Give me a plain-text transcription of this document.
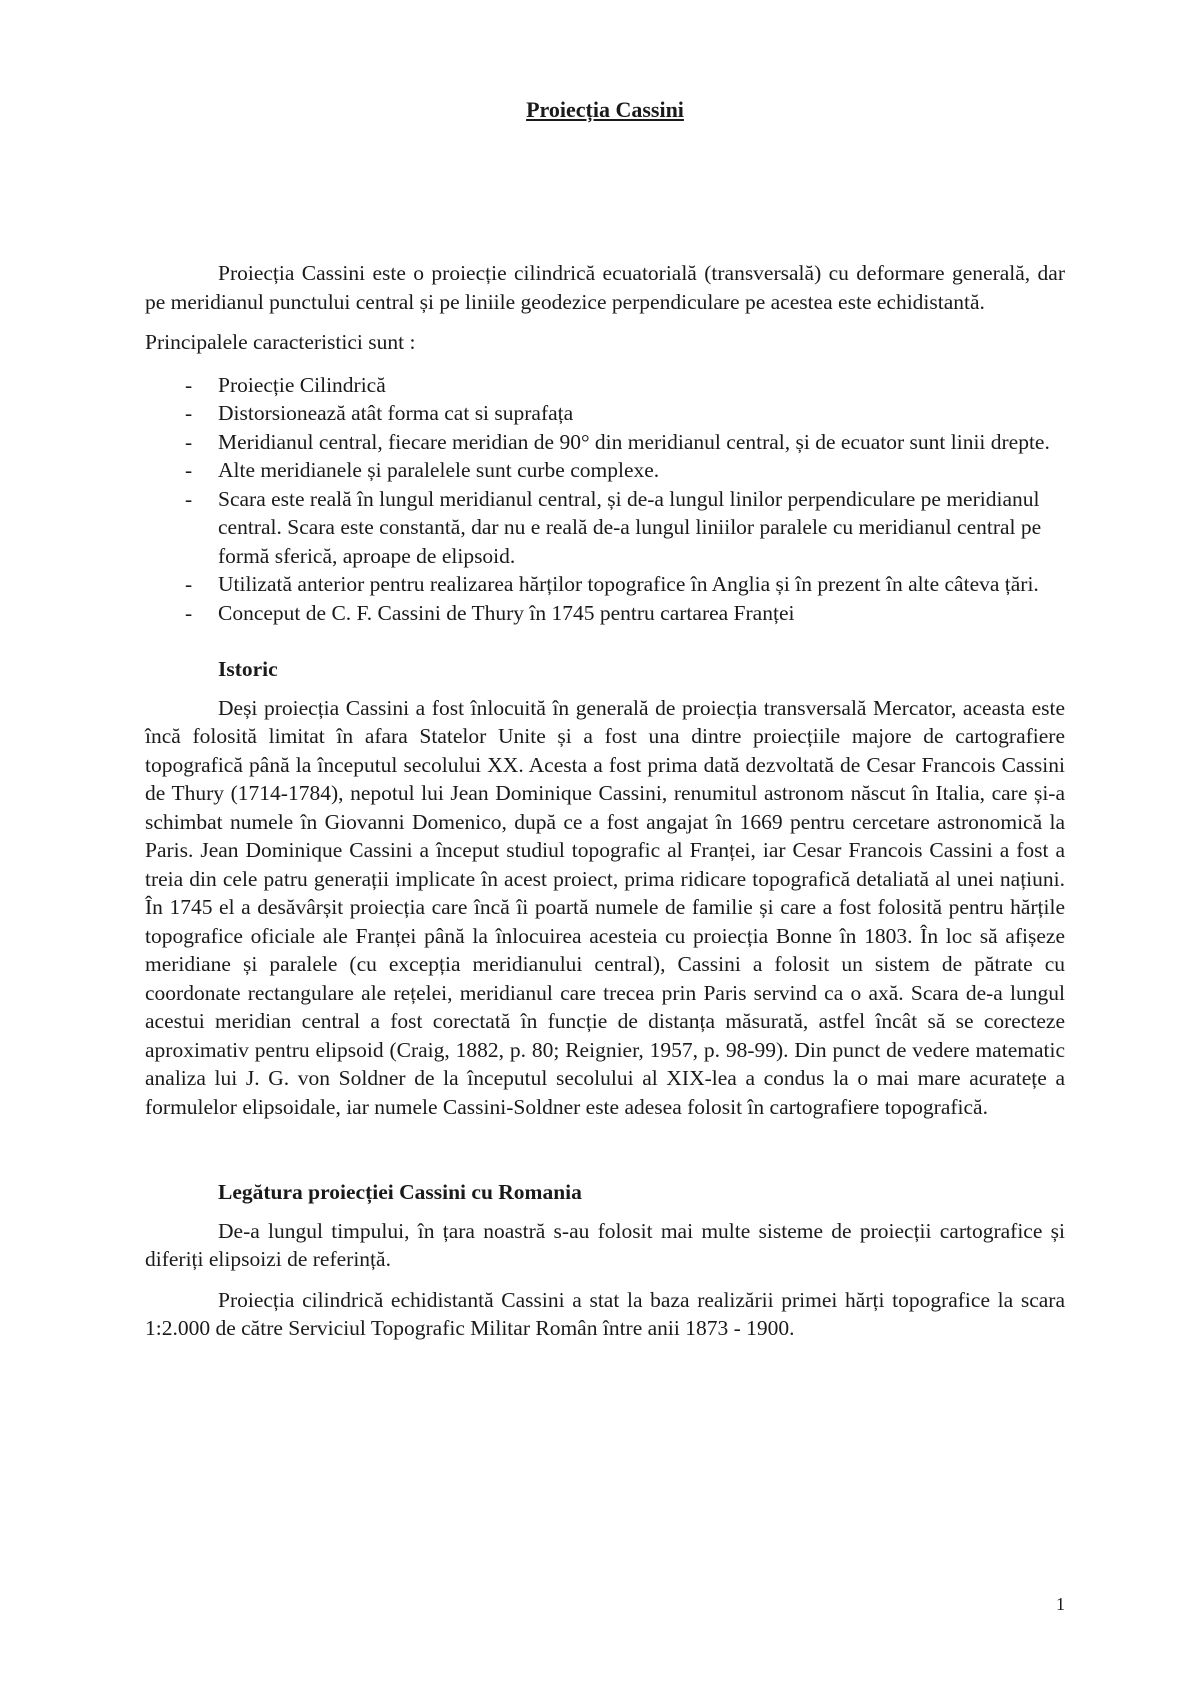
Proiecția Cassini

Proiecția Cassini este o proiecție cilindrică ecuatorială (transversală) cu deformare generală, dar pe meridianul punctului central și pe liniile geodezice perpendiculare pe acestea este echidistantă.

Principalele caracteristici sunt :

- Proiecție Cilindrică
- Distorsionează atât forma cat si suprafața
- Meridianul central, fiecare meridian de 90° din meridianul central, și de ecuator sunt linii drepte.
- Alte meridianele și paralelele sunt curbe complexe.
- Scara este reală în lungul meridianul central, și de-a lungul linilor perpendiculare pe meridianul central. Scara este constantă, dar nu e reală de-a lungul liniilor paralele cu meridianul central pe formă sferică, aproape de elipsoid.
- Utilizată anterior pentru realizarea hărților topografice în Anglia și în prezent în alte câteva țări.
- Conceput de C. F. Cassini de Thury în 1745 pentru cartarea Franței

Istoric

Deși proiecția Cassini a fost înlocuită în generală de proiecția transversală Mercator, aceasta este încă folosită limitat în afara Statelor Unite și a fost una dintre proiecțiile majore de cartografiere topografică până la începutul secolului XX. Acesta a fost prima dată dezvoltată de Cesar Francois Cassini de Thury (1714-1784), nepotul lui Jean Dominique Cassini, renumitul astronom născut în Italia, care și-a schimbat numele în Giovanni Domenico, după ce a fost angajat în 1669 pentru cercetare astronomică la Paris. Jean Dominique Cassini a început studiul topografic al Franței, iar Cesar Francois Cassini a fost a treia din cele patru generații implicate în acest proiect, prima ridicare topografică detaliată al unei națiuni. În 1745 el a desăvârșit proiecția care încă îi poartă numele de familie și care a fost folosită pentru hărțile topografice oficiale ale Franței până la înlocuirea acesteia cu proiecția Bonne în 1803. În loc să afișeze meridiane și paralele (cu excepția meridianului central), Cassini a folosit un sistem de pătrate cu coordonate rectangulare ale rețelei, meridianul care trecea prin Paris servind ca o axă. Scara de-a lungul acestui meridian central a fost corectată în funcție de distanța măsurată, astfel încât să se corecteze aproximativ pentru elipsoid (Craig, 1882, p. 80; Reignier, 1957, p. 98-99). Din punct de vedere matematic analiza lui J. G. von Soldner de la începutul secolului al XIX-lea a condus la o mai mare acuratețe a formulelor elipsoidale, iar numele Cassini-Soldner este adesea folosit în cartografiere topografică.

Legătura proiecției Cassini cu Romania

De-a lungul timpului, în țara noastră s-au folosit mai multe sisteme de proiecții cartografice și diferiți elipsoizi de referință.

Proiecția cilindrică echidistantă Cassini a stat la baza realizării primei hărți topografice la scara 1:2.000 de către Serviciul Topografic Militar Român între anii 1873 - 1900.

1
